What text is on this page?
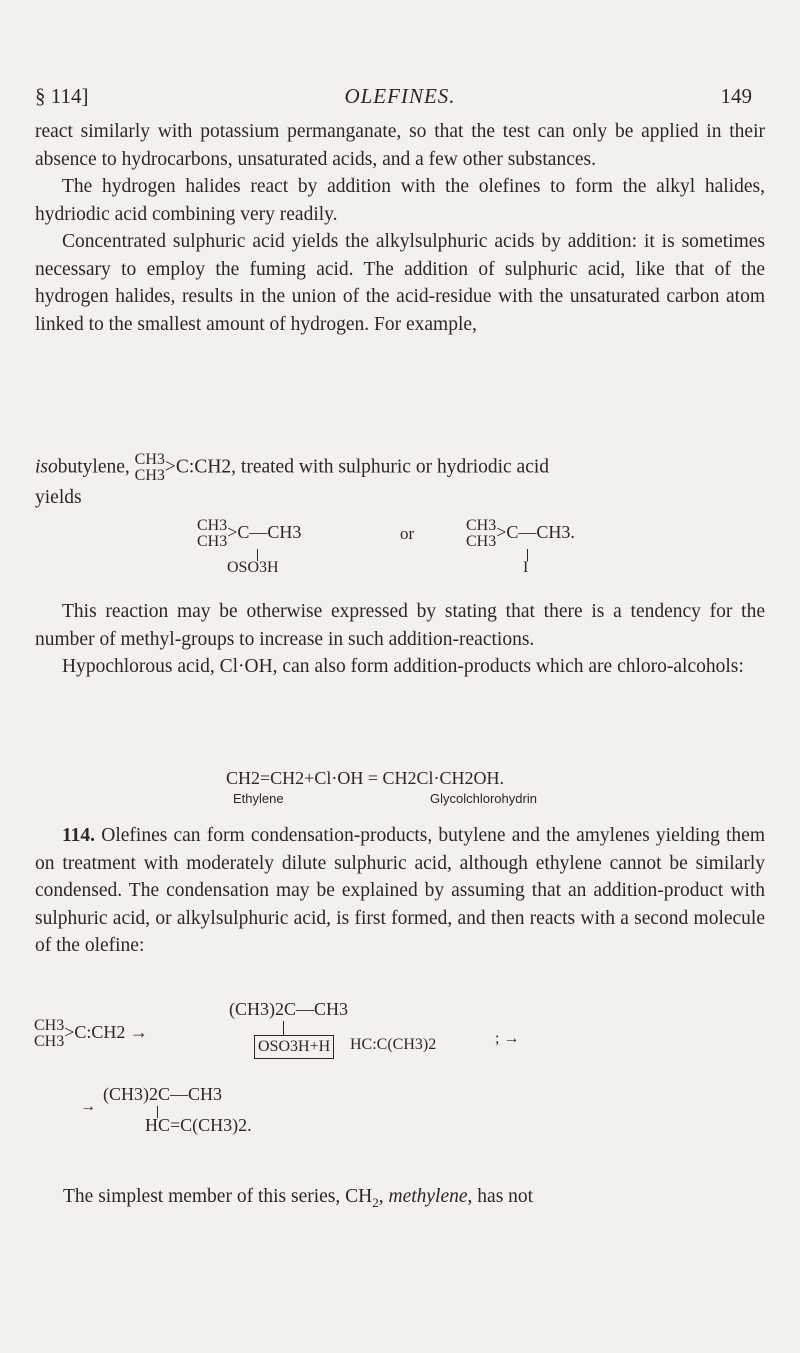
§ 114]	OLEFINES.	149

react similarly with potassium permanganate, so that the test can only be applied in their absence to hydrocarbons, unsaturated acids, and a few other substances.

The hydrogen halides react by addition with the olefines to form the alkyl halides, hydriodic acid combining very readily.

Concentrated sulphuric acid yields the alkylsulphuric acids by addition: it is sometimes necessary to employ the fuming acid. The addition of sulphuric acid, like that of the hydrogen halides, results in the union of the acid-residue with the unsaturated carbon atom linked to the smallest amount of hydrogen. For example,

isobutylene, CH3
CH3>C:CH2, treated with sulphuric or hydriodic acid
yields
CH3
CH3>C—CH3
OSO3H
or	CH3
CH3>C—CH3.
I

This reaction may be otherwise expressed by stating that there is a tendency for the number of methyl-groups to increase in such addition-reactions.

Hypochlorous acid, Cl·OH, can also form addition-products which are chloro-alcohols:

CH2=CH2+Cl·OH = CH2Cl·CH2OH.
Ethylene	Glycolchlorohydrin

114. Olefines can form condensation-products, butylene and the amylenes yielding them on treatment with moderately dilute sulphuric acid, although ethylene cannot be similarly condensed. The condensation may be explained by assuming that an addition-product with sulphuric acid, or alkylsulphuric acid, is first formed, and then reacts with a second molecule of the olefine:

CH3
CH3>C:CH2 →
(CH3)2C—CH3
OSO3H+H HC:C(CH3)2	; →
(CH3)2C—CH3
→
HC=C(CH3)2.
The simplest member of this series, $CH_2$, methylene, has not
